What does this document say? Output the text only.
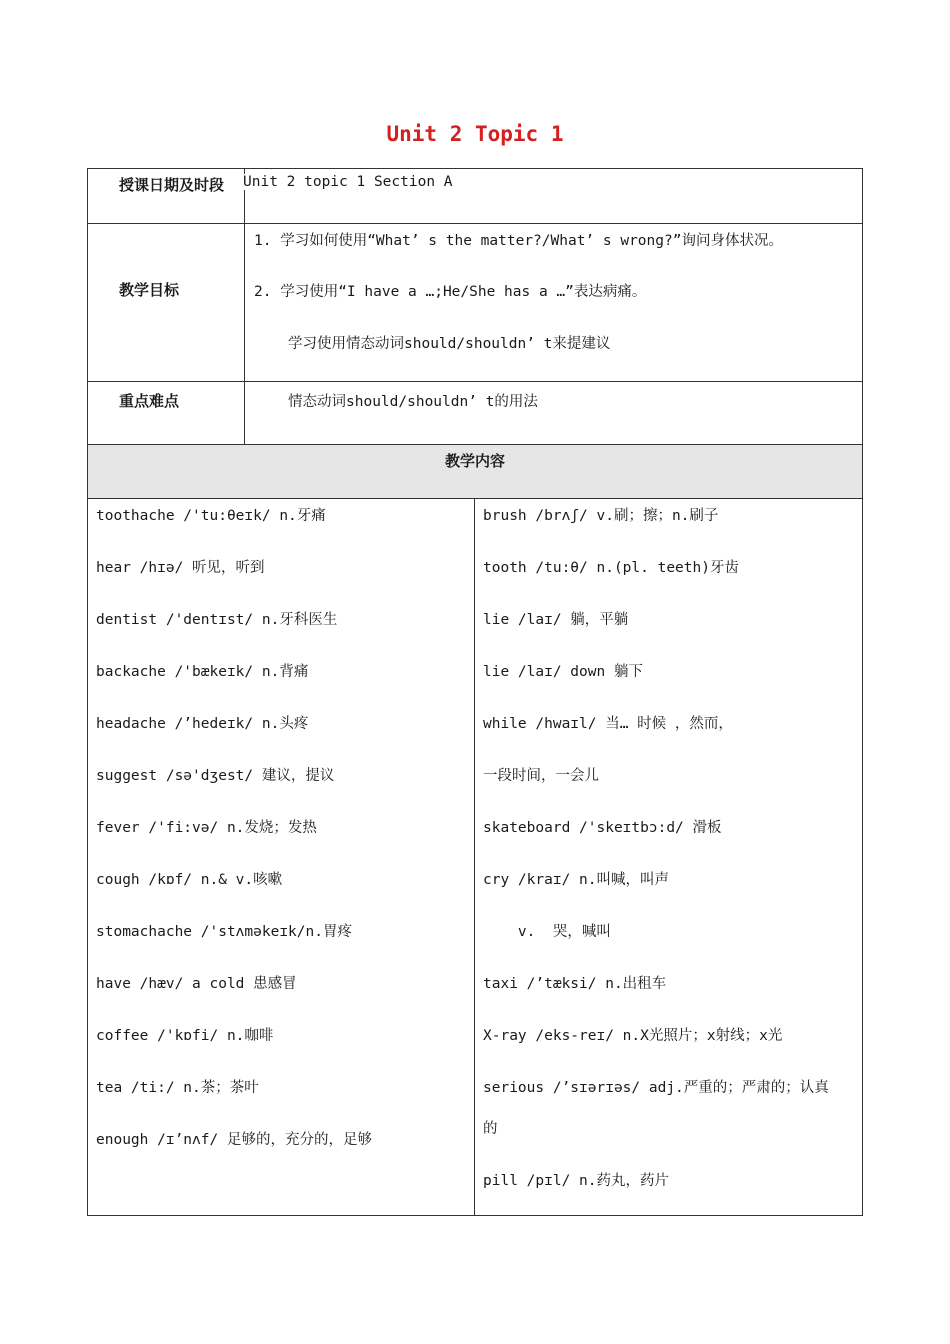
Unit 2 Topic 1
授课日期及时段 Unit 2 topic 1 Section A
教学目标
1. 学习如何使用“What’ s the matter?/What’ s wrong?”询问身体状况。
2. 学习使用“I have a …;He/She has a …”表达病痛。
学习使用情态动词should/shouldn’ t来提建议
重点难点	情态动词should/shouldn’ t的用法
教学内容
toothache /'tu:θeɪk/ n.牙痛
hear /hɪə/ 听见，听到
dentist /'dentɪst/ n.牙科医生
backache /'bækeɪk/ n.背痛
headache /’hedeɪk/ n.头疼
suggest /sə'dʒest/ 建议，提议
fever /'fi:və/ n.发烧；发热
cough /kɒf/ n.& v.咳嗽
stomachache /'stʌməkeɪk/n.胃疼
have /hæv/ a cold 患感冒
coffee /'kɒfi/ n.咖啡
tea /ti:/ n.茶；茶叶
enough /ɪ’nʌf/ 足够的，充分的，足够
brush /brʌʃ/ v.刷；擦；n.刷子
tooth /tu:θ/ n.(pl. teeth)牙齿
lie /laɪ/ 躺，平躺
lie /laɪ/ down 躺下
while /hwaɪl/ 当… 时候 ，然而，
一段时间，一会儿
skateboard /'skeɪtbɔ:d/ 滑板
cry /kraɪ/ n.叫喊，叫声
v.  哭，喊叫
taxi /’tæksi/ n.出租车
X-ray /eks-reɪ/ n.X光照片；x射线；x光
serious /’sɪərɪəs/ adj.严重的；严肃的；认真
的
pill /pɪl/ n.药丸，药片
